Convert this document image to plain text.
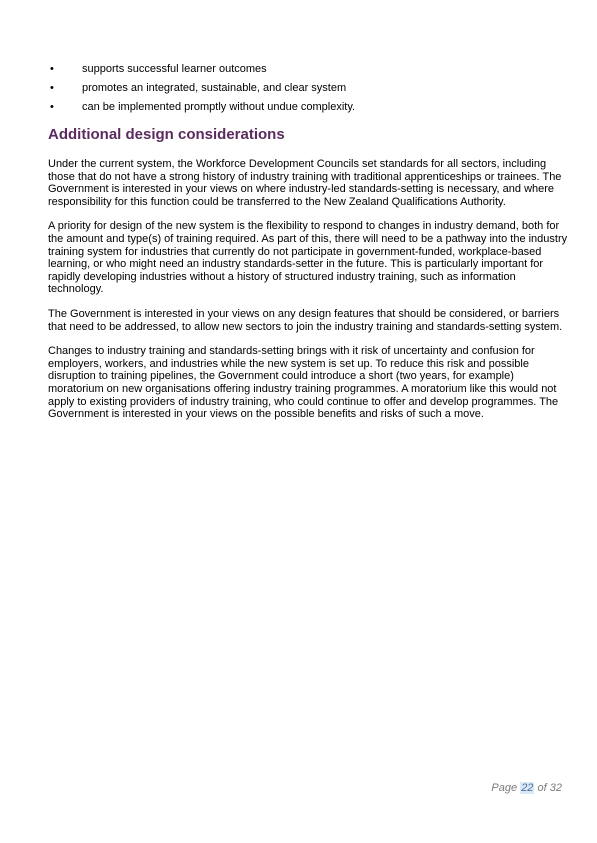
•	supports successful learner outcomes
•	promotes an integrated, sustainable, and clear system
•	can be implemented promptly without undue complexity.
Additional design considerations

Under the current system, the Workforce Development Councils set standards for all sectors, including those that do not have a strong history of industry training with traditional apprenticeships or trainees. The Government is interested in your views on where industry-led standards-setting is necessary, and where responsibility for this function could be transferred to the New Zealand Qualifications Authority.

A priority for design of the new system is the flexibility to respond to changes in industry demand, both for the amount and type(s) of training required. As part of this, there will need to be a pathway into the industry training system for industries that currently do not participate in government-funded, workplace-based learning, or who might need an industry standards-setter in the future. This is particularly important for rapidly developing industries without a history of structured industry training, such as information technology.

The Government is interested in your views on any design features that should be considered, or barriers that need to be addressed, to allow new sectors to join the industry training and standards-setting system.

Changes to industry training and standards-setting brings with it risk of uncertainty and confusion for employers, workers, and industries while the new system is set up. To reduce this risk and possible disruption to training pipelines, the Government could introduce a short (two years, for example) moratorium on new organisations offering industry training programmes. A moratorium like this would not apply to existing providers of industry training, who could continue to offer and develop programmes. The Government is interested in your views on the possible benefits and risks of such a move.

Page 22 of 32
